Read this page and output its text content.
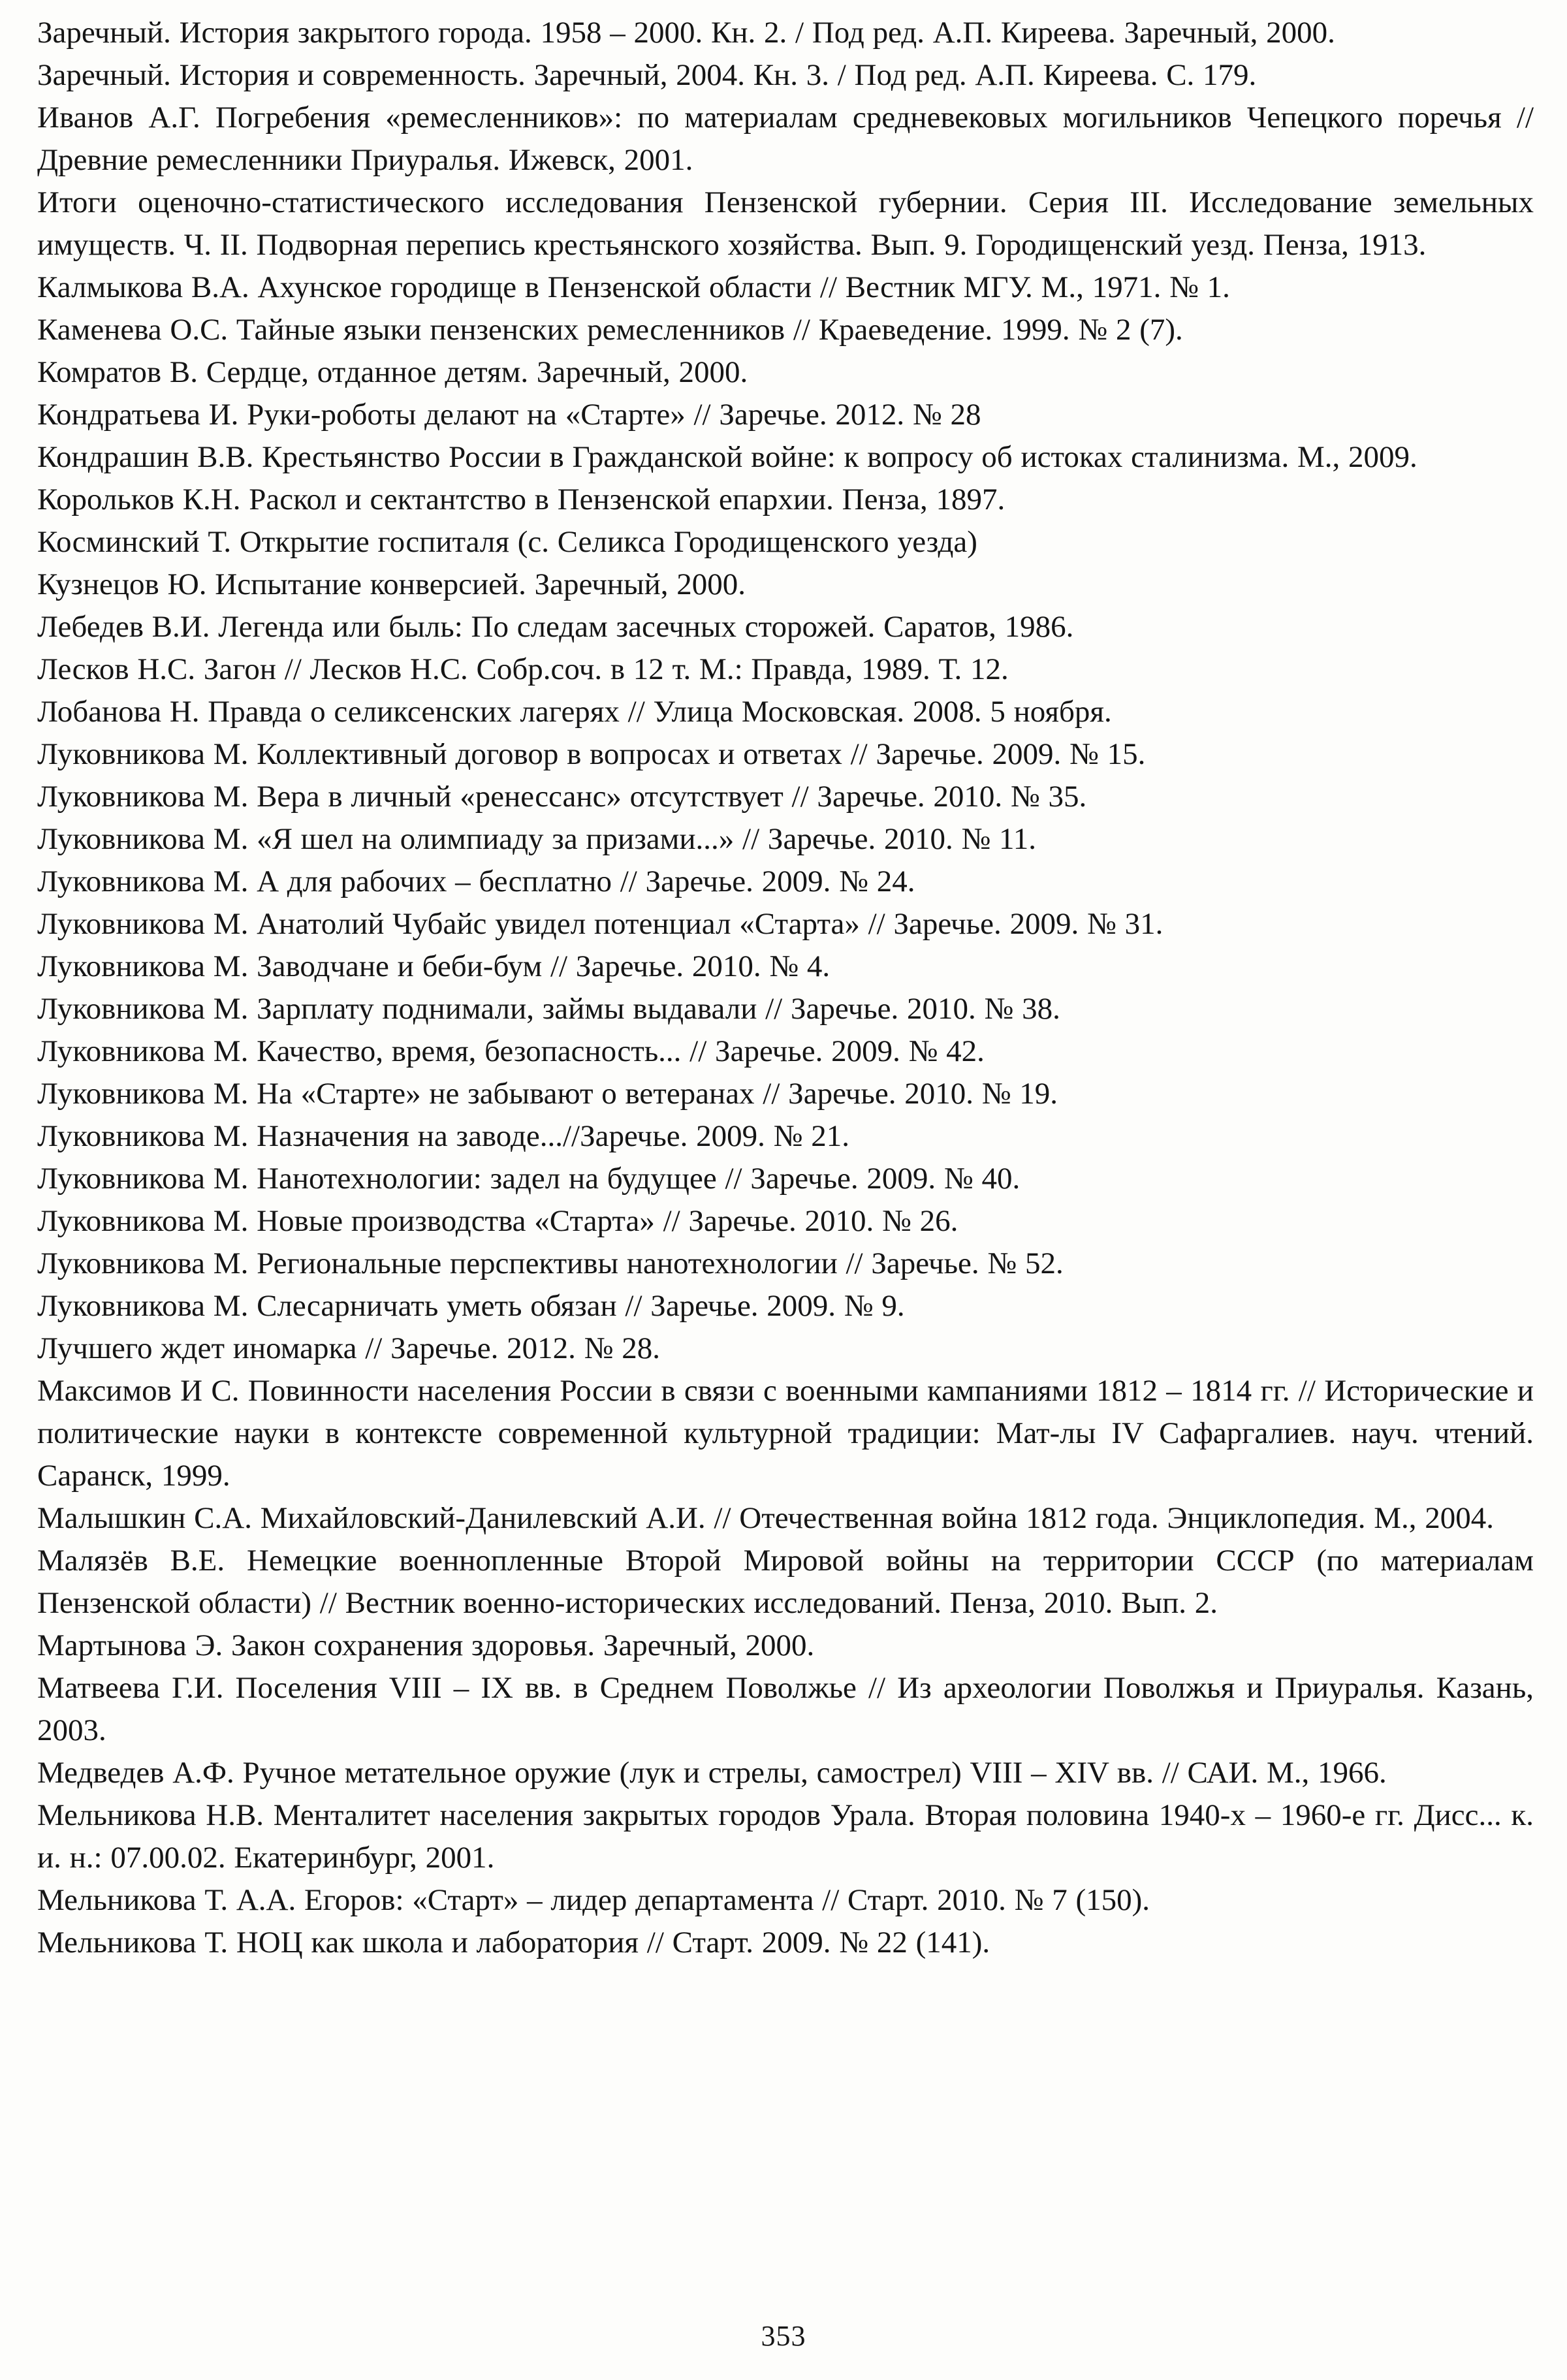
Заречный. История закрытого города. 1958 – 2000. Кн. 2. / Под ред. А.П. Киреева. Заречный, 2000.

Заречный. История и современность. Заречный, 2004. Кн. 3. / Под ред. А.П. Киреева. С. 179.

Иванов А.Г. Погребения «ремесленников»: по материалам средневековых могильников Чепецкого поречья // Древние ремесленники Приуралья. Ижевск, 2001.

Итоги оценочно-статистического исследования Пензенской губернии. Серия III. Исследование земельных имуществ. Ч. II. Подворная перепись крестьянского хозяйства. Вып. 9. Городищенский уезд. Пенза, 1913.

Калмыкова В.А. Ахунское городище в Пензенской области // Вестник МГУ. М., 1971. № 1.

Каменева О.С. Тайные языки пензенских ремесленников // Краеведение. 1999. № 2 (7).

Комратов В. Сердце, отданное детям. Заречный, 2000.

Кондратьева И. Руки-роботы делают на «Старте» // Заречье. 2012. № 28

Кондрашин В.В. Крестьянство России в Гражданской войне: к вопросу об истоках сталинизма. М., 2009.

Корольков К.Н. Раскол и сектантство в Пензенской епархии. Пенза, 1897.

Косминский Т. Открытие госпиталя (с. Селикса Городищенского уезда)

Кузнецов Ю. Испытание конверсией. Заречный, 2000.

Лебедев В.И. Легенда или быль: По следам засечных сторожей. Саратов, 1986.

Лесков Н.С. Загон // Лесков Н.С. Собр.соч. в 12 т. М.: Правда, 1989. Т. 12.

Лобанова Н. Правда о селиксенских лагерях // Улица Московская. 2008. 5 ноября.

Луковникова М. Коллективный договор в вопросах и ответах // Заречье. 2009. № 15.

Луковникова М. Вера в личный «ренессанс» отсутствует // Заречье. 2010. № 35.

Луковникова М. «Я шел на олимпиаду за призами...» // Заречье. 2010. № 11.

Луковникова М. А для рабочих – бесплатно // Заречье. 2009. № 24.

Луковникова М. Анатолий Чубайс увидел потенциал «Старта» // Заречье. 2009. № 31.

Луковникова М. Заводчане и беби-бум // Заречье. 2010. № 4.

Луковникова М. Зарплату поднимали, займы выдавали // Заречье. 2010. № 38.

Луковникова М. Качество, время, безопасность... // Заречье. 2009. № 42.

Луковникова М. На «Старте» не забывают о ветеранах // Заречье. 2010. № 19.

Луковникова М. Назначения на заводе...//Заречье. 2009. № 21.

Луковникова М. Нанотехнологии: задел на будущее // Заречье. 2009. № 40.

Луковникова М. Новые производства «Старта» // Заречье. 2010. № 26.

Луковникова М. Региональные перспективы нанотехнологии // Заречье. № 52.

Луковникова М. Слесарничать уметь обязан // Заречье. 2009. № 9.

Лучшего ждет иномарка // Заречье. 2012. № 28.

Максимов И С. Повинности населения России в связи с военными кампаниями 1812 – 1814 гг. // Исторические и политические науки в контексте современной культурной традиции: Мат-лы IV Сафаргалиев. науч. чтений. Саранск, 1999.

Малышкин С.А. Михайловский-Данилевский А.И. // Отечественная война 1812 года. Энциклопедия. М., 2004.

Малязёв В.Е. Немецкие военнопленные Второй Мировой войны на территории СССР (по материалам Пензенской области) // Вестник военно-исторических исследований. Пенза, 2010. Вып. 2.

Мартынова Э. Закон сохранения здоровья. Заречный, 2000.

Матвеева Г.И. Поселения VIII – IX вв. в Среднем Поволжье // Из археологии Поволжья и Приуралья. Казань, 2003.

Медведев А.Ф. Ручное метательное оружие (лук и стрелы, самострел) VIII – XIV вв. // САИ. М., 1966.

Мельникова Н.В. Менталитет населения закрытых городов Урала. Вторая половина 1940-х – 1960-е гг. Дисс... к. и. н.: 07.00.02. Екатеринбург, 2001.

Мельникова Т. А.А. Егоров: «Старт» – лидер департамента // Старт. 2010. № 7 (150).

Мельникова Т. НОЦ как школа и лаборатория // Старт. 2009. № 22 (141).

353
